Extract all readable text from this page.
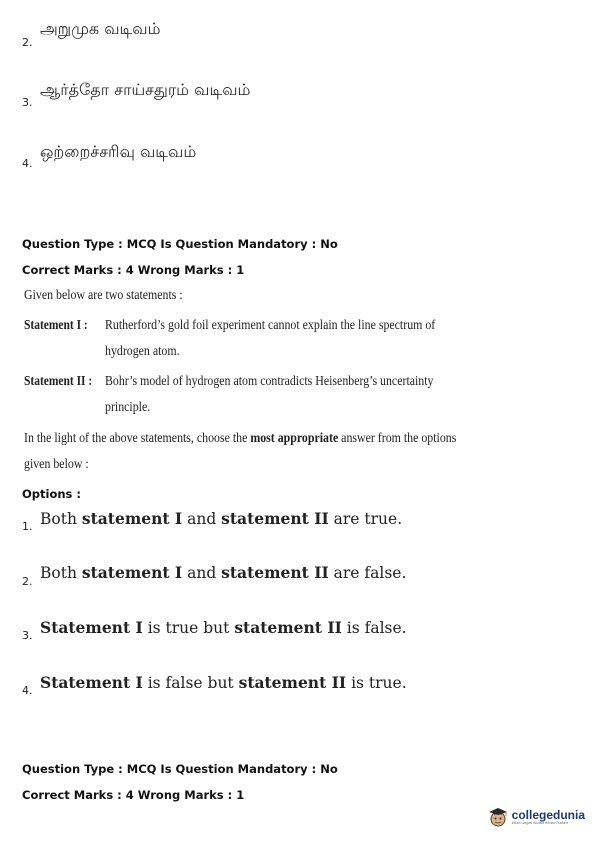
2.
அறுமுக வடிவம்
3.
ஆர்த்தோ சாய்சதுரம் வடிவம்
4.
ஒற்றைச்சரிவு வடிவம்
Question Type : MCQ Is Question Mandatory : No
Correct Marks : 4 Wrong Marks : 1
Given below are two statements :
Statement I : Rutherford’s gold foil experiment cannot explain the line spectrum of
hydrogen atom.
Statement II : Bohr’s model of hydrogen atom contradicts Heisenberg’s uncertainty
principle.
In the light of the above statements, choose the most appropriate answer from the options
given below :
Options :
1. Both statement I and statement II are true.
2. Both statement I and statement II are false.
3. Statement I is true but statement II is false.
4. Statement I is false but statement II is true.
Question Type : MCQ Is Question Mandatory : No
Correct Marks : 4 Wrong Marks : 1
collegedunia
India's Largest Student Review Platform
